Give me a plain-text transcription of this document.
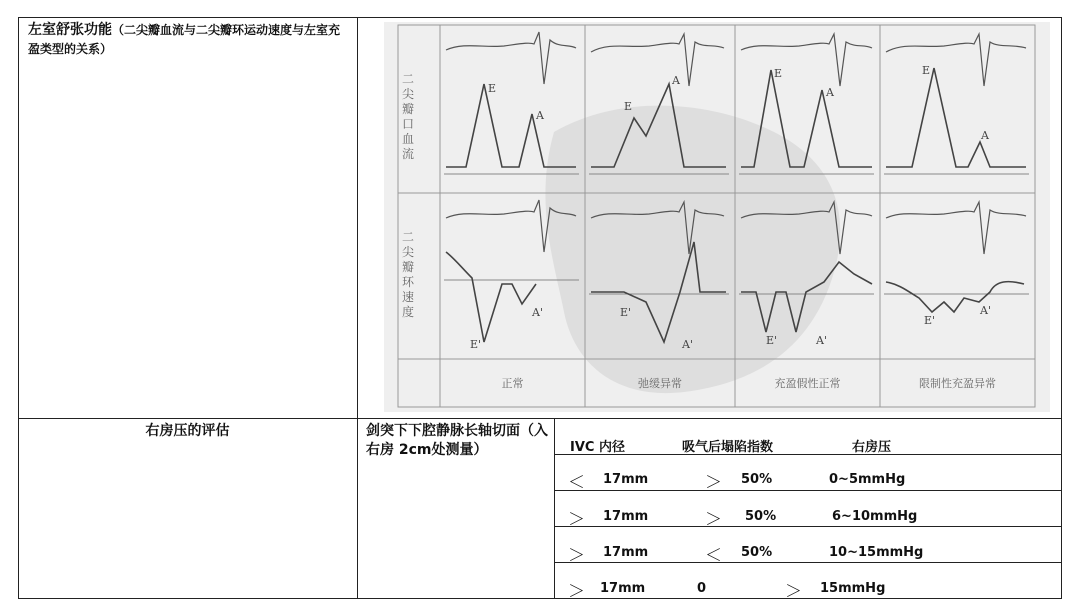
左室舒张功能（二尖瓣血流与二尖瓣环运动速度与左室充盈类型的关系）
E
A
E
A
E
A
E
A
E'
A'	E'
A'	E'	A'
E'
A'
二尖瓣口血流
二尖瓣环速度
正常	弛缓异常	充盈假性正常	限制性充盈异常
右房压的评估	剑突下下腔静脉长轴切面（入右房 2cm处测量）	IVC 内径	吸气后塌陷指数	右房压
＜ 17mm	＞ 50%	0~5mmHg
＞ 17mm	＞ 50%	6~10mmHg
＞ 17mm	＜ 50%	10~15mmHg
＞ 17mm	0	＞ 15mmHg
